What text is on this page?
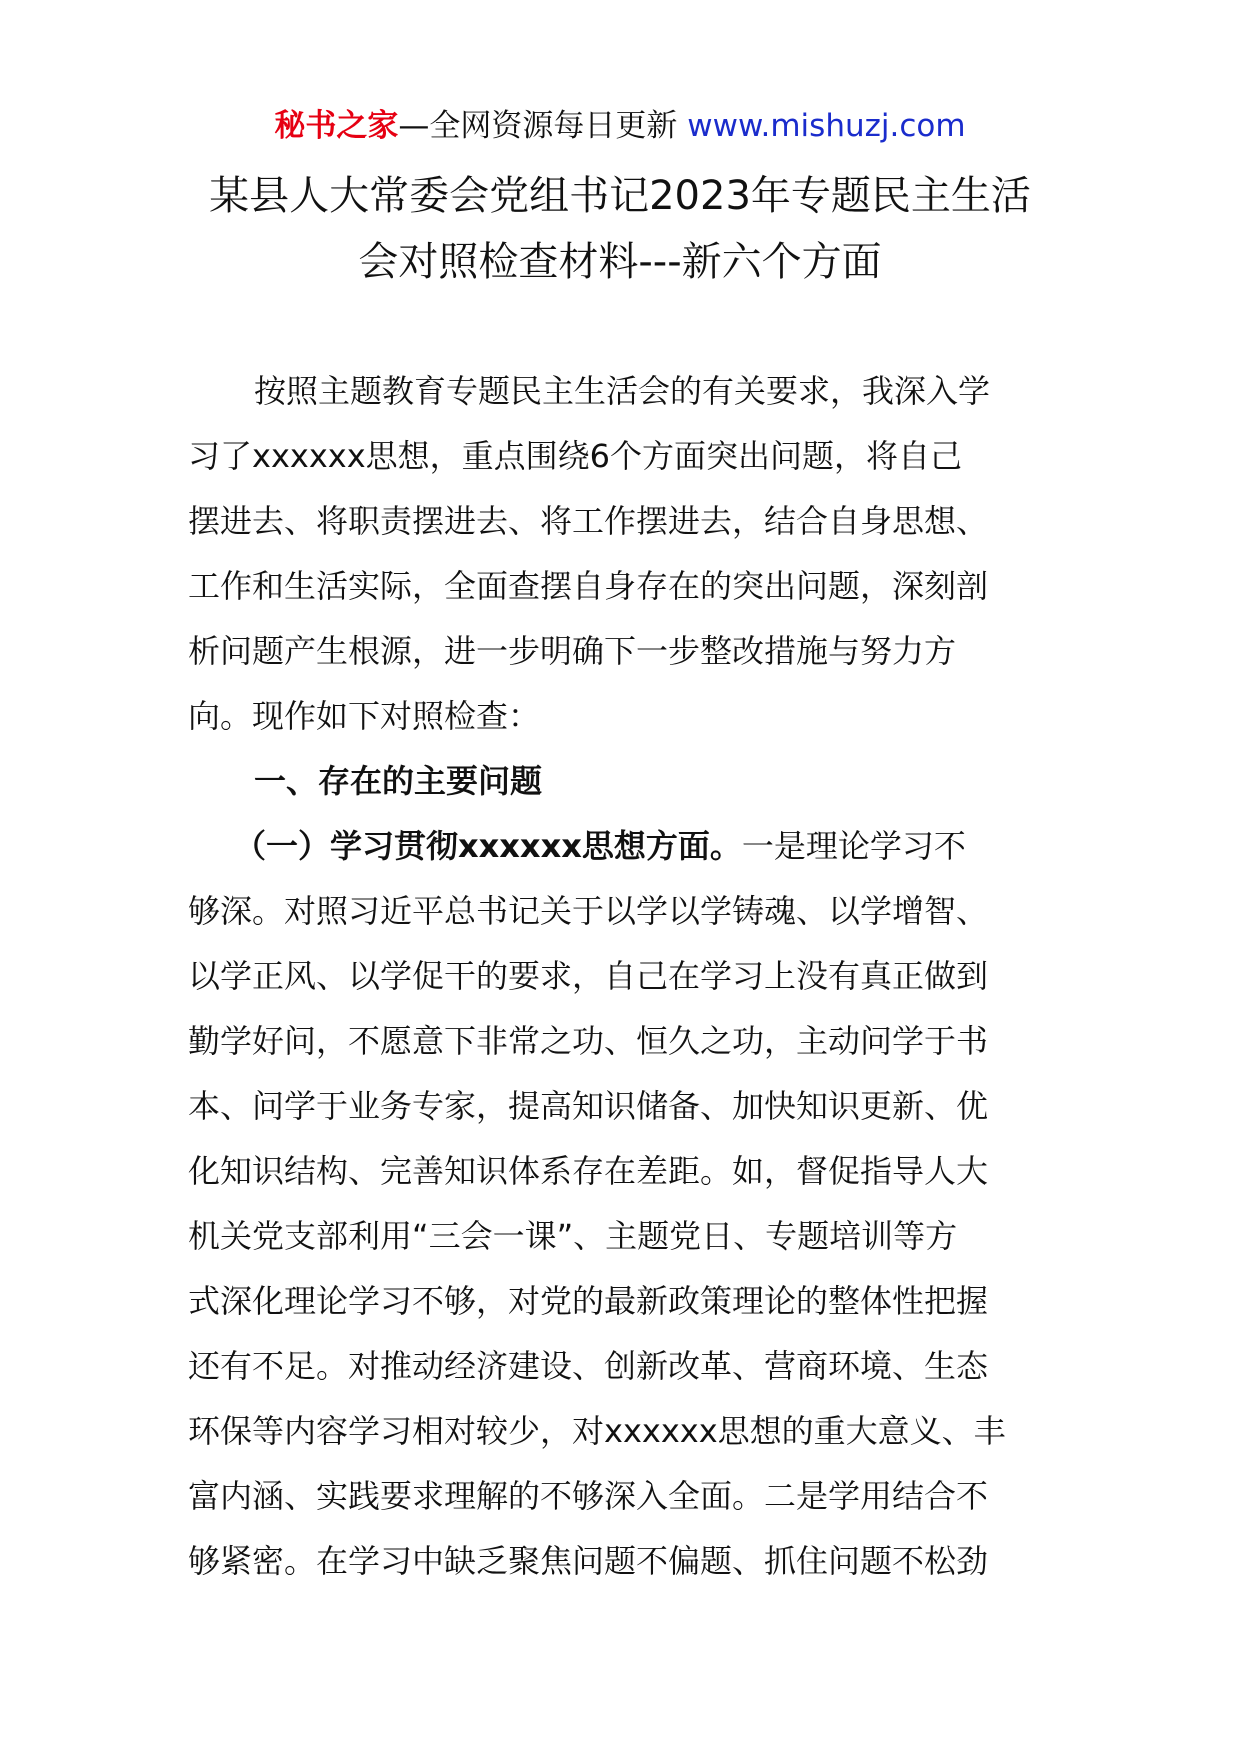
秘书之家—全网资源每日更新 www.mishuzj.com
某县人大常委会党组书记2023年专题民主生活
会对照检查材料---新六个方面
按照主题教育专题民主生活会的有关要求，我深入学
习了xxxxxx思想，重点围绕6个方面突出问题，将自己
摆进去、将职责摆进去、将工作摆进去，结合自身思想、
工作和生活实际，全面查摆自身存在的突出问题，深刻剖
析问题产生根源，进一步明确下一步整改措施与努力方
向。现作如下对照检查：
一、存在的主要问题
（一）学习贯彻xxxxxx思想方面。一是理论学习不
够深。对照习近平总书记关于以学以学铸魂、以学增智、
以学正风、以学促干的要求，自己在学习上没有真正做到
勤学好问，不愿意下非常之功、恒久之功，主动问学于书
本、问学于业务专家，提高知识储备、加快知识更新、优
化知识结构、完善知识体系存在差距。如，督促指导人大
机关党支部利用“三会一课”、主题党日、专题培训等方
式深化理论学习不够，对党的最新政策理论的整体性把握
还有不足。对推动经济建设、创新改革、营商环境、生态
环保等内容学习相对较少，对xxxxxx思想的重大意义、丰
富内涵、实践要求理解的不够深入全面。二是学用结合不
够紧密。在学习中缺乏聚焦问题不偏题、抓住问题不松劲
